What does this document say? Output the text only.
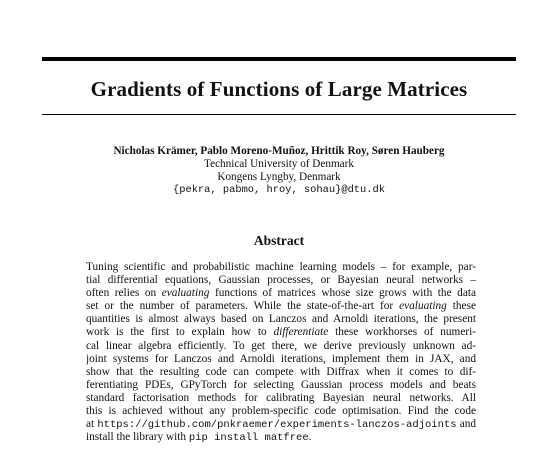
Gradients of Functions of Large Matrices
Nicholas Krämer, Pablo Moreno-Muñoz, Hrittik Roy, Søren Hauberg
Technical University of Denmark
Kongens Lyngby, Denmark
{pekra, pabmo, hroy, sohau}@dtu.dk
Abstract
Tuning scientific and probabilistic machine learning models – for example, par-
tial differential equations, Gaussian processes, or Bayesian neural networks –
often relies on evaluating functions of matrices whose size grows with the data
set or the number of parameters. While the state-of-the-art for evaluating these
quantities is almost always based on Lanczos and Arnoldi iterations, the present
work is the first to explain how to differentiate these workhorses of numeri-
cal linear algebra efficiently. To get there, we derive previously unknown ad-
joint systems for Lanczos and Arnoldi iterations, implement them in JAX, and
show that the resulting code can compete with Diffrax when it comes to dif-
ferentiating PDEs, GPyTorch for selecting Gaussian process models and beats
standard factorisation methods for calibrating Bayesian neural networks. All
this is achieved without any problem-specific code optimisation. Find the code
at https://github.com/pnkraemer/experiments-lanczos-adjoints and
install the library with pip install matfree.
